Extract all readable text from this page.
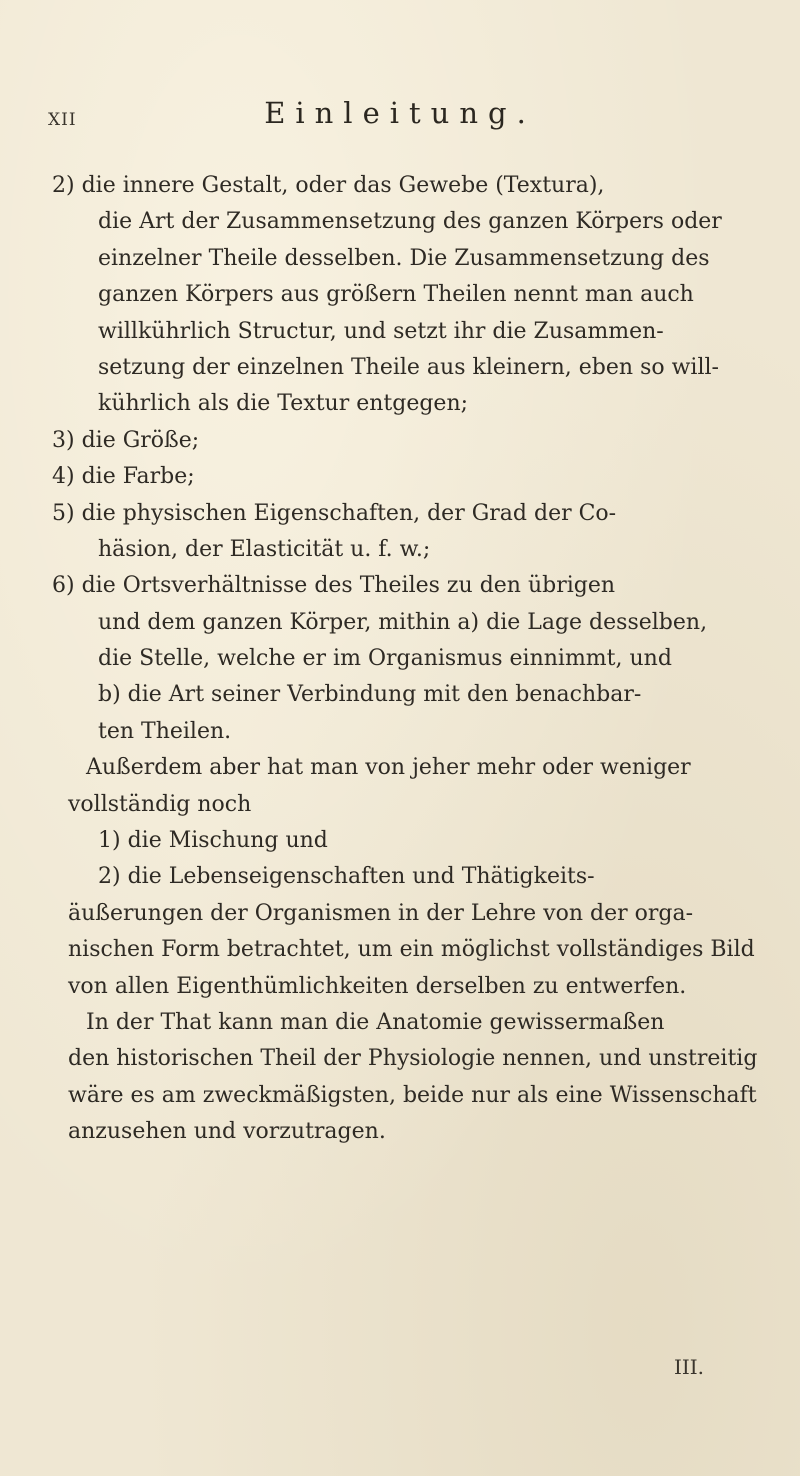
XII	Einleitung.
2) die innere Gestalt, oder das Gewebe (Textura),
die Art der Zusammensetzung des ganzen Körpers oder
einzelner Theile desselben. Die Zusammensetzung des
ganzen Körpers aus größern Theilen nennt man auch
willkührlich Structur, und setzt ihr die Zusammen-
setzung der einzelnen Theile aus kleinern, eben so will-
kührlich als die Textur entgegen;
3) die Größe;
4) die Farbe;
5) die physischen Eigenschaften, der Grad der Co-
häsion, der Elasticität u. f. w.;
6) die Ortsverhältnisse des Theiles zu den übrigen
und dem ganzen Körper, mithin a) die Lage desselben,
die Stelle, welche er im Organismus einnimmt, und
b) die Art seiner Verbindung mit den benachbar-
ten Theilen.
Außerdem aber hat man von jeher mehr oder weniger
vollständig noch
1) die Mischung und
2) die Lebenseigenschaften und Thätigkeits-
äußerungen der Organismen in der Lehre von der orga-
nischen Form betrachtet, um ein möglichst vollständiges Bild
von allen Eigenthümlichkeiten derselben zu entwerfen.
In der That kann man die Anatomie gewissermaßen
den historischen Theil der Physiologie nennen, und unstreitig
wäre es am zweckmäßigsten, beide nur als eine Wissenschaft
anzusehen und vorzutragen.
III.
